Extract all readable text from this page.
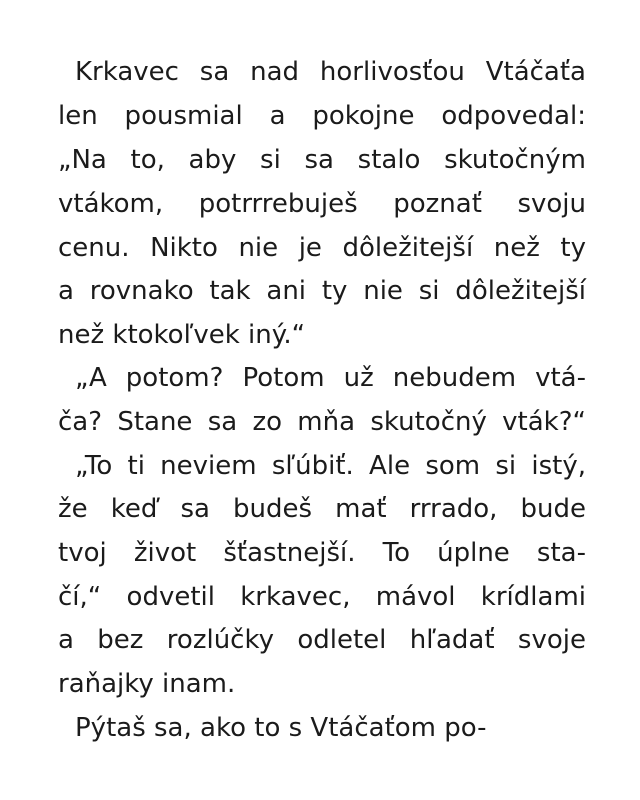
Krkavec sa nad horlivosťou Vtáčaťa
len pousmial a pokojne odpovedal:
„Na to, aby si sa stalo skutočným
vtákom, potrrrebuješ poznať svoju
cenu. Nikto nie je dôležitejší než ty
a rovnako tak ani ty nie si dôležitejší
než ktokoľvek iný.“
„A potom? Potom už nebudem vtá-
ča? Stane sa zo mňa skutočný vták?“
„To ti neviem sľúbiť. Ale som si istý,
že keď sa budeš mať rrrado, bude
tvoj život šťastnejší. To úplne sta-
čí,“ odvetil krkavec, mávol krídlami
a bez rozlúčky odletel hľadať svoje
raňajky inam.
Pýtaš sa, ako to s Vtáčaťom po-
